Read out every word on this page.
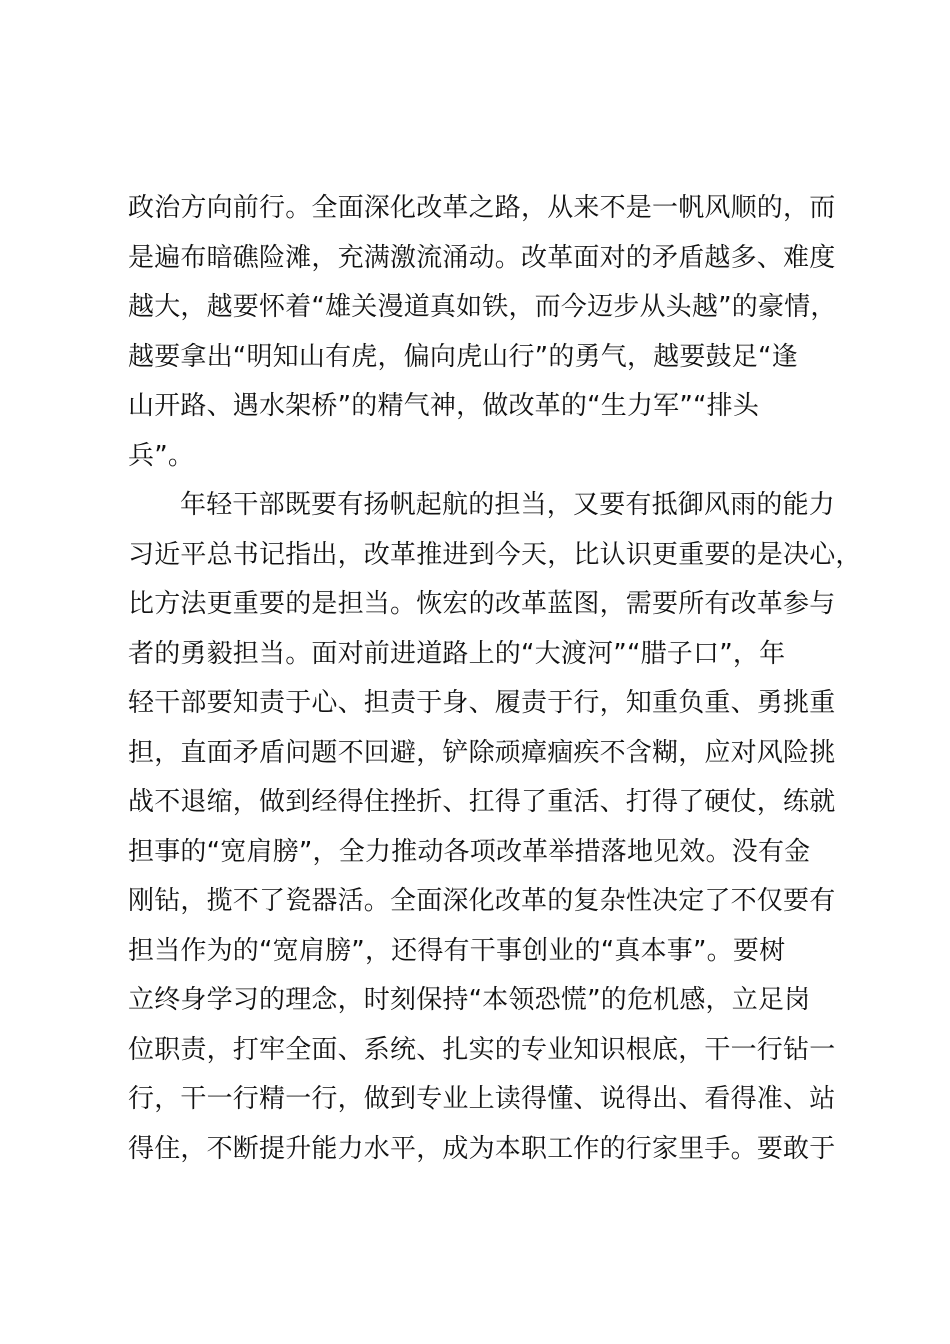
政治方向前行。全面深化改革之路，从来不是一帆风顺的，而

是遍布暗礁险滩，充满激流涌动。改革面对的矛盾越多、难度

越大，越要怀着“雄关漫道真如铁，而今迈步从头越”的豪情，

越要拿出“明知山有虎，偏向虎山行”的勇气，越要鼓足“逢

山开路、遇水架桥”的精气神，做改革的“生力军”“排头

兵”。

年轻干部既要有扬帆起航的担当，又要有抵御风雨的能力

习近平总书记指出，改革推进到今天，比认识更重要的是决心，

比方法更重要的是担当。恢宏的改革蓝图，需要所有改革参与

者的勇毅担当。面对前进道路上的“大渡河”“腊子口”，年

轻干部要知责于心、担责于身、履责于行，知重负重、勇挑重

担，直面矛盾问题不回避，铲除顽瘴痼疾不含糊，应对风险挑

战不退缩，做到经得住挫折、扛得了重活、打得了硬仗，练就

担事的“宽肩膀”，全力推动各项改革举措落地见效。没有金

刚钻，揽不了瓷器活。全面深化改革的复杂性决定了不仅要有

担当作为的“宽肩膀”，还得有干事创业的“真本事”。要树

立终身学习的理念，时刻保持“本领恐慌”的危机感，立足岗

位职责，打牢全面、系统、扎实的专业知识根底，干一行钻一

行，干一行精一行，做到专业上读得懂、说得出、看得准、站

得住，不断提升能力水平，成为本职工作的行家里手。要敢于
